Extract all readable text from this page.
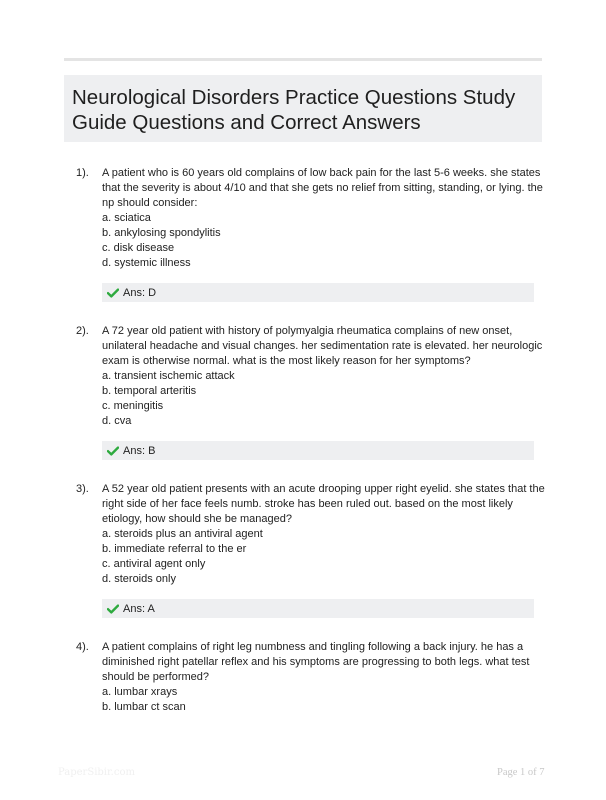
Neurological Disorders Practice Questions Study
Guide Questions and Correct Answers
1). A patient who is 60 years old complains of low back pain for the last 5-6 weeks. she states
that the severity is about 4/10 and that she gets no relief from sitting, standing, or lying. the
np should consider:
a. sciatica
b. ankylosing spondylitis
c. disk disease
d. systemic illness
Ans: D
2). A 72 year old patient with history of polymyalgia rheumatica complains of new onset,
unilateral headache and visual changes. her sedimentation rate is elevated. her neurologic
exam is otherwise normal. what is the most likely reason for her symptoms?
a. transient ischemic attack
b. temporal arteritis
c. meningitis
d. cva
Ans: B
3). A 52 year old patient presents with an acute drooping upper right eyelid. she states that the
right side of her face feels numb. stroke has been ruled out. based on the most likely
etiology, how should she be managed?
a. steroids plus an antiviral agent
b. immediate referral to the er
c. antiviral agent only
d. steroids only
Ans: A
4). A patient complains of right leg numbness and tingling following a back injury. he has a
diminished right patellar reflex and his symptoms are progressing to both legs. what test
should be performed?
a. lumbar xrays
b. lumbar ct scan
PaperSibir.com	Page 1 of 7
